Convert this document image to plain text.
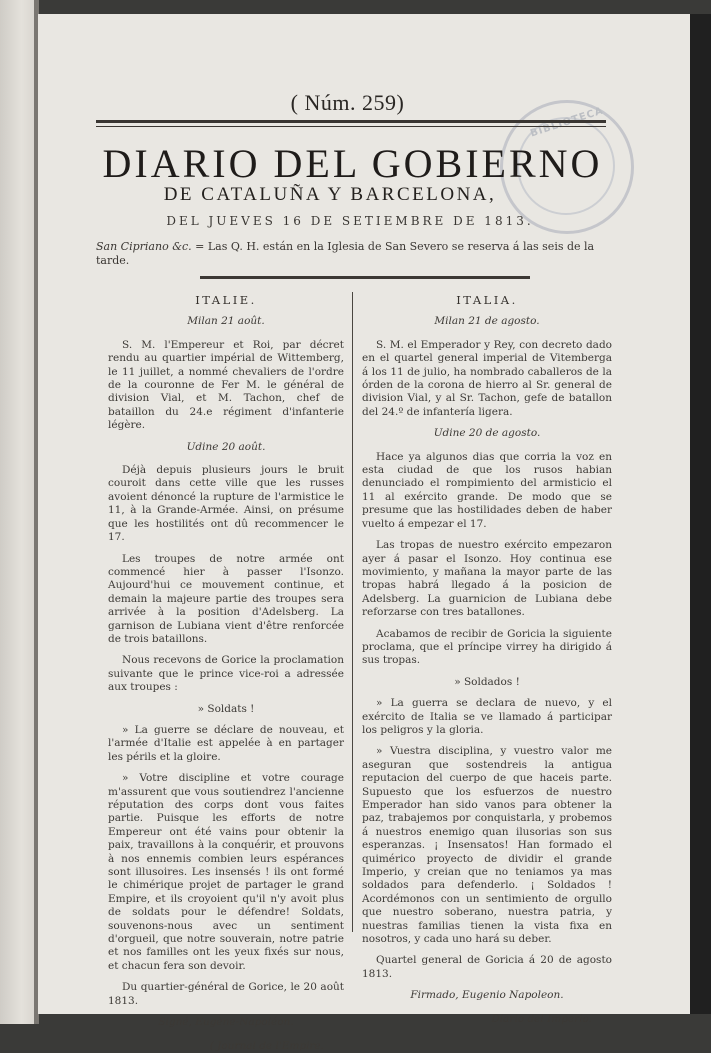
( Núm. 259)
DIARIO DEL GOBIERNO
DE CATALUÑA Y BARCELONA,
DEL JUEVES 16 DE SETIEMBRE DE 1813.
San Cipriano &c. = Las Q. H. están en la Iglesia de San Severo se reserva á las seis de la tarde.
ITALIE.
Milan 21 août.

S. M. l'Empereur et Roi, par décret rendu au quartier impérial de Wittemberg, le 11 juillet, a nommé chevaliers de l'ordre de la couronne de Fer M. le général de division Vial, et M. Tachon, chef de bataillon du 24.e régiment d'infanterie légère.

Udine 20 août.

Déjà depuis plusieurs jours le bruit couroit dans cette ville que les russes avoient dénoncé la rupture de l'armistice le 11, à la Grande-Armée. Ainsi, on présume que les hostilités ont dû recommencer le 17.

Les troupes de notre armée ont commencé hier à passer l'Isonzo. Aujourd'hui ce mouvement continue, et demain la majeure partie des troupes sera arrivée à la position d'Adelsberg. La garnison de Lubiana vient d'être renforcée de trois bataillons.

Nous recevons de Gorice la proclamation suivante que le prince vice-roi a adressée aux troupes :

» Soldats !

» La guerre se déclare de nouveau, et l'armée d'Italie est appelée à en partager les périls et la gloire.

» Votre discipline et votre courage m'assurent que vous soutiendrez l'ancienne réputation des corps dont vous faites partie. Puisque les efforts de notre Empereur ont été vains pour obtenir la paix, travaillons à la conquérir, et prouvons à nos ennemis combien leurs espérances sont illusoires. Les insensés ! ils ont formé le chimérique projet de partager le grand Empire, et ils croyoient qu'il n'y avoit plus de soldats pour le défendre! Soldats, souvenons-nous avec un sentiment d'orgueil, que notre souverain, notre patrie et nos familles ont les yeux fixés sur nous, et chacun fera son devoir.

Du quartier-général de Gorice, le 20 août 1813.

Signé, Eugène-Napoléon.

( Journal de l'Empire.

ITALIA.
Milan 21 de agosto.

S. M. el Emperador y Rey, con decreto dado en el quartel general imperial de Vitemberga á los 11 de julio, ha nombrado caballeros de la órden de la corona de hierro al Sr. general de division Vial, y al Sr. Tachon, gefe de batallon del 24.º de infantería ligera.

Udine 20 de agosto.

Hace ya algunos dias que corria la voz en esta ciudad de que los rusos habian denunciado el rompimiento del armisticio el 11 al exército grande. De modo que se presume que las hostilidades deben de haber vuelto á empezar el 17.

Las tropas de nuestro exército empezaron ayer á pasar el Isonzo. Hoy continua ese movimiento, y mañana la mayor parte de las tropas habrá llegado á la posicion de Adelsberg. La guarnicion de Lubiana debe reforzarse con tres batallones.

Acabamos de recibir de Goricia la siguiente proclama, que el príncipe virrey ha dirigido á sus tropas.

» Soldados !

» La guerra se declara de nuevo, y el exército de Italia se ve llamado á participar los peligros y la gloria.

» Vuestra disciplina, y vuestro valor me aseguran que sostendreis la antigua reputacion del cuerpo de que haceis parte. Supuesto que los esfuerzos de nuestro Emperador han sido vanos para obtener la paz, trabajemos por conquistarla, y probemos á nuestros enemigo quan ilusorias son sus esperanzas. ¡ Insensatos! Han formado el quimérico proyecto de dividir el grande Imperio, y creian que no teniamos ya mas soldados para defenderlo. ¡ Soldados ! Acordémonos con un sentimiento de orgullo que nuestro soberano, nuestra patria, y nuestras familias tienen la vista fixa en nosotros, y cada uno hará su deber.

Quartel general de Goricia á 20 de agosto 1813.

Firmado, Eugenio Napoleon.

Diario del Imperio.
